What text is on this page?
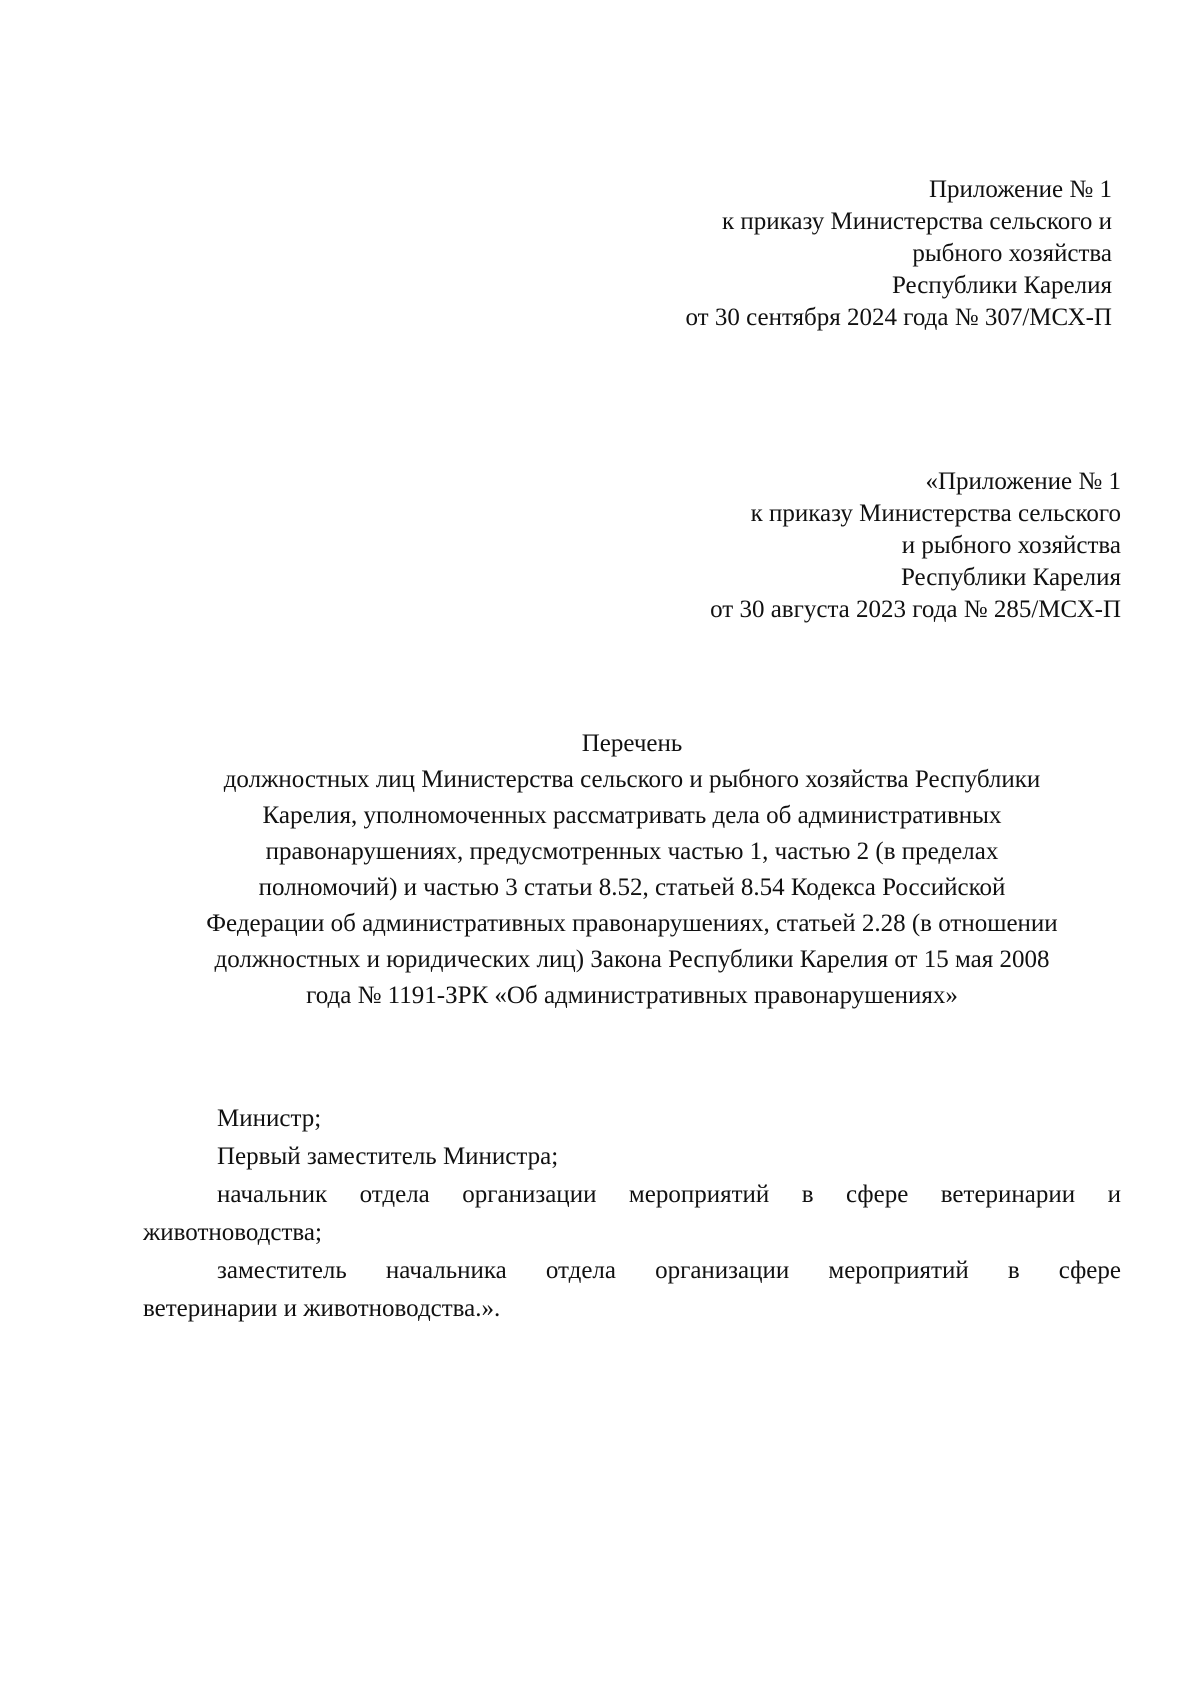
Приложение № 1
к приказу Министерства сельского и
рыбного хозяйства
Республики Карелия
от 30 сентября 2024 года № 307/МСХ-П
«Приложение № 1
к приказу Министерства сельского
и рыбного хозяйства
Республики Карелия
от 30 августа 2023 года № 285/МСХ-П
Перечень
должностных лиц Министерства сельского и рыбного хозяйства Республики
Карелия, уполномоченных рассматривать дела об административных
правонарушениях, предусмотренных частью 1, частью 2 (в пределах
полномочий) и частью 3 статьи 8.52, статьей 8.54 Кодекса Российской
Федерации об административных правонарушениях, статьей 2.28 (в отношении
должностных и юридических лиц) Закона Республики Карелия от 15 мая 2008
года № 1191-ЗРК «Об административных правонарушениях»

Министр;

Первый заместитель Министра;

начальник отдела организации мероприятий в сфере ветеринарии и

животноводства;

заместитель начальника отдела организации мероприятий в сфере

ветеринарии и животноводства.».
